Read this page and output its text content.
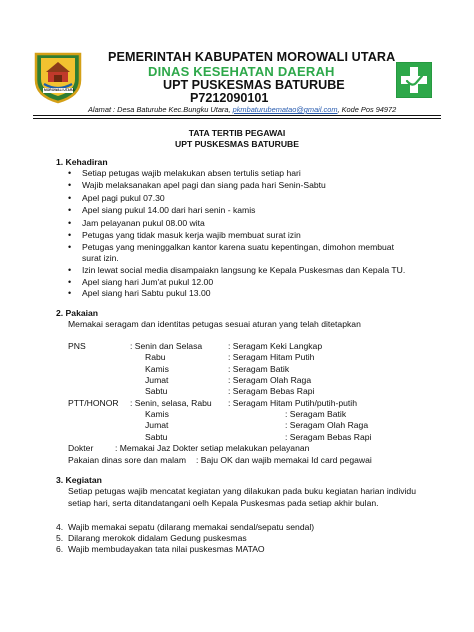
MOROWALI UTARA
PEMERINTAH KABUPATEN MOROWALI UTARA
DINAS KESEHATAN DAERAH
UPT PUSKESMAS BATURUBE
P7212090101
Alamat : Desa Baturube Kec.Bungku Utara, pkmbaturubematao@gmail.com, Kode Pos 94972
TATA TERTIB PEGAWAI
UPT PUSKESMAS BATURUBE
1. Kehadiran
• Setiap petugas wajib melakukan absen tertulis setiap hari
• Wajib melaksanakan apel pagi dan siang pada hari Senin-Sabtu
• Apel pagi pukul 07.30
• Apel siang pukul 14.00 dari hari senin - kamis
• Jam pelayanan pukul 08.00 wita
• Petugas yang tidak masuk kerja wajib membuat surat izin
• Petugas yang meninggalkan kantor karena suatu kepentingan, dimohon membuat
surat izin.
• Izin lewat social media disampaiakn langsung ke Kepala Puskesmas dan Kepala TU.
• Apel siang hari Jum'at pukul 12.00
• Apel siang hari Sabtu pukul 13.00
2. Pakaian
Memakai seragam dan identitas petugas sesuai aturan yang telah ditetapkan
PNS	: Senin dan Selasa	: Seragam Keki Langkap
Rabu	: Seragam Hitam Putih
Kamis	: Seragam Batik
Jumat	: Seragam Olah Raga
Sabtu	: Seragam Bebas Rapi
PTT/HONOR : Senin, selasa, Rabu : Seragam Hitam Putih/putih-putih
Kamis	: Seragam Batik
Jumat	: Seragam Olah Raga
Sabtu	: Seragam Bebas Rapi
Dokter	: Memakai Jaz Dokter setiap melakukan pelayanan
Pakaian dinas sore dan malam : Baju OK dan wajib memakai Id card pegawai
3. Kegiatan
Setiap petugas wajib mencatat kegiatan yang dilakukan pada buku kegiatan harian individu setiap hari, serta ditandatangani oelh Kepala Puskesmas pada setiap akhir bulan.
4. Wajib memakai sepatu (dilarang memakai sendal/sepatu sendal)
5. Dilarang merokok didalam Gedung puskesmas
6. Wajib membudayakan tata nilai puskesmas MATAO
